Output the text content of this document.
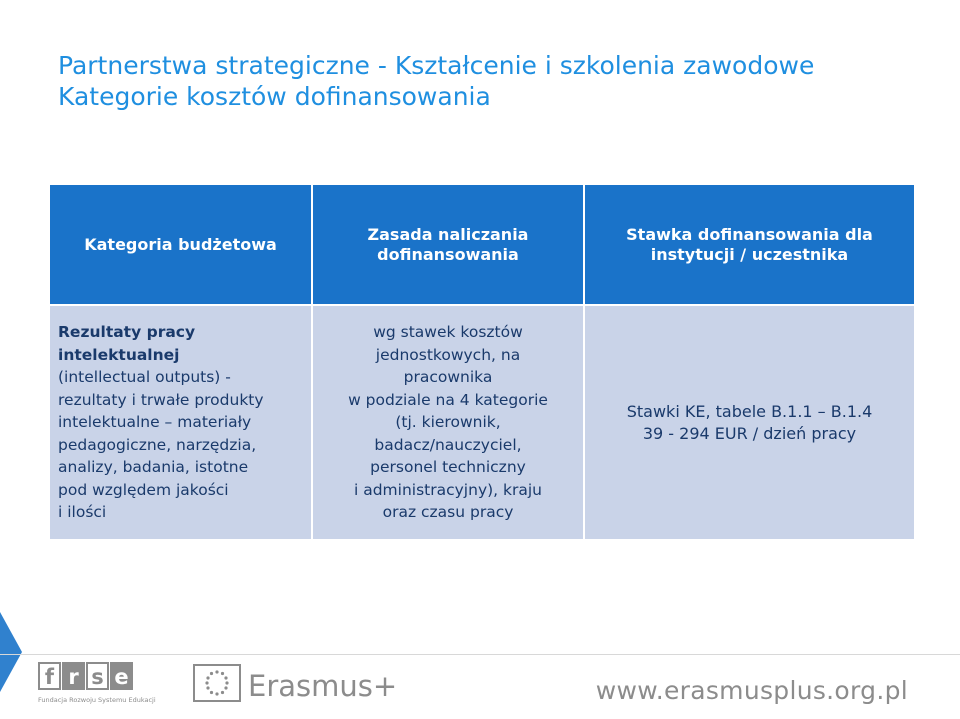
Partnerstwa strategiczne - Kształcenie i szkolenia zawodowe
Kategorie kosztów dofinansowania
Kategoria budżetowa
Zasada naliczania
dofinansowania
Stawka dofinansowania dla
instytucji / uczestnika
Rezultaty pracy
intelektualnej
(intellectual outputs) -
rezultaty i trwałe produkty
intelektualne – materiały
pedagogiczne, narzędzia,
analizy, badania, istotne
pod względem jakości
i ilości
wg stawek kosztów
jednostkowych, na
pracownika
w podziale na 4 kategorie
(tj. kierownik,
badacz/nauczyciel,
personel techniczny
i administracyjny), kraju
oraz czasu pracy
Stawki KE, tabele B.1.1 – B.1.4
39 - 294 EUR / dzień pracy
f r s e
Fundacja Rozwoju Systemu Edukacji	Erasmus+	www.erasmusplus.org.pl
